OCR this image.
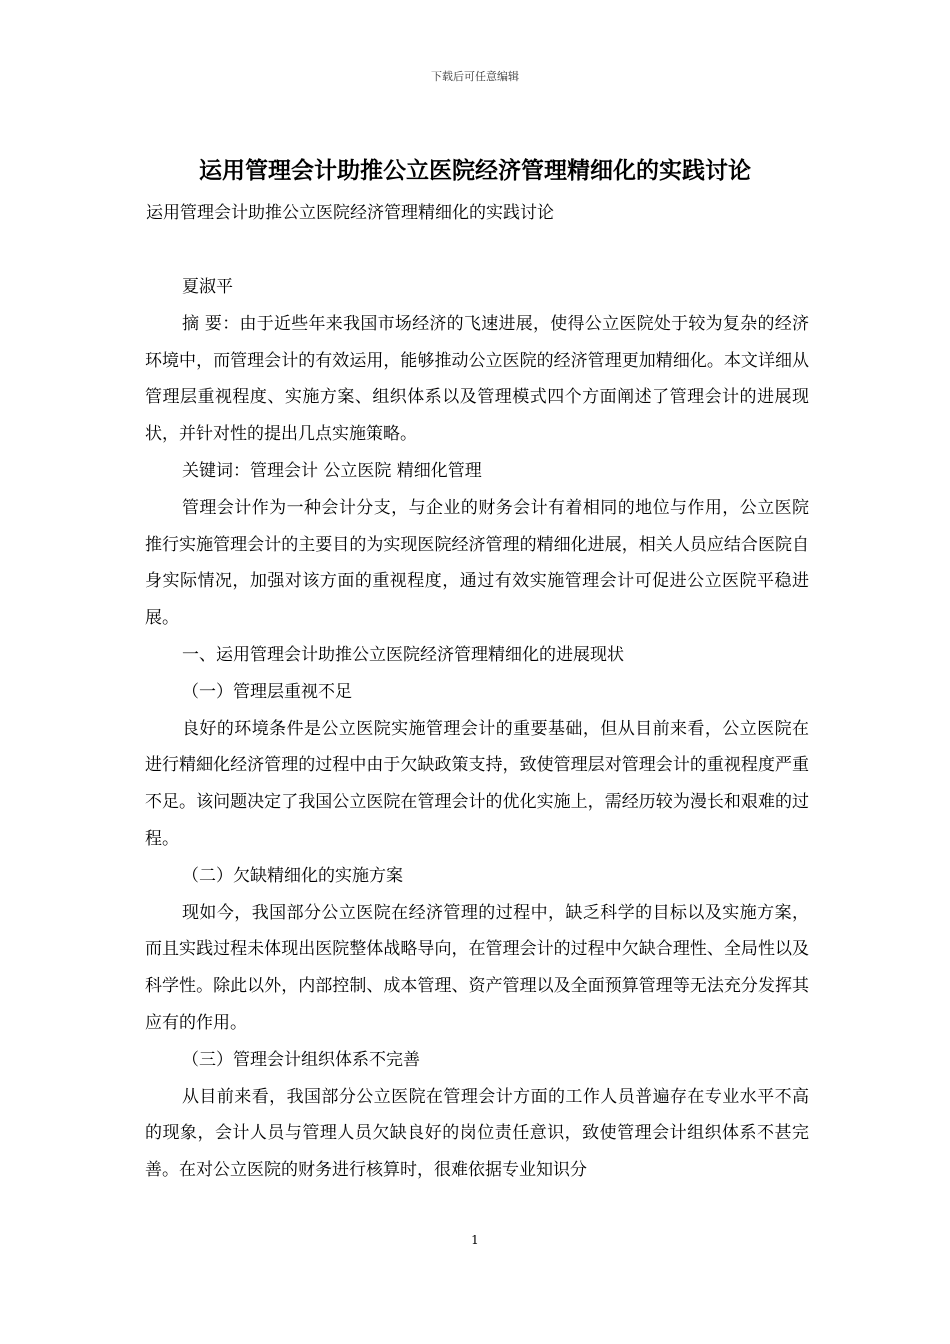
下载后可任意编辑
运用管理会计助推公立医院经济管理精细化的实践讨论
运用管理会计助推公立医院经济管理精细化的实践讨论

夏淑平

摘 要：由于近些年来我国市场经济的飞速进展，使得公立医院处于较为复杂的经济环境中，而管理会计的有效运用，能够推动公立医院的经济管理更加精细化。本文详细从管理层重视程度、实施方案、组织体系以及管理模式四个方面阐述了管理会计的进展现状，并针对性的提出几点实施策略。

关键词：管理会计 公立医院 精细化管理

管理会计作为一种会计分支，与企业的财务会计有着相同的地位与作用，公立医院推行实施管理会计的主要目的为实现医院经济管理的精细化进展，相关人员应结合医院自身实际情况，加强对该方面的重视程度，通过有效实施管理会计可促进公立医院平稳进展。

一、运用管理会计助推公立医院经济管理精细化的进展现状

（一）管理层重视不足

良好的环境条件是公立医院实施管理会计的重要基础，但从目前来看，公立医院在进行精細化经济管理的过程中由于欠缺政策支持，致使管理层对管理会计的重视程度严重不足。该问题决定了我国公立医院在管理会计的优化实施上，需经历较为漫长和艰难的过程。

（二）欠缺精细化的实施方案

现如今，我国部分公立医院在经济管理的过程中，缺乏科学的目标以及实施方案，而且实践过程未体现出医院整体战略导向，在管理会计的过程中欠缺合理性、全局性以及科学性。除此以外，内部控制、成本管理、资产管理以及全面预算管理等无法充分发挥其应有的作用。

（三）管理会计组织体系不完善

从目前来看，我国部分公立医院在管理会计方面的工作人员普遍存在专业水平不高的现象，会计人员与管理人员欠缺良好的岗位责任意识，致使管理会计组织体系不甚完善。在对公立医院的财务进行核算时，很难依据专业知识分

1
